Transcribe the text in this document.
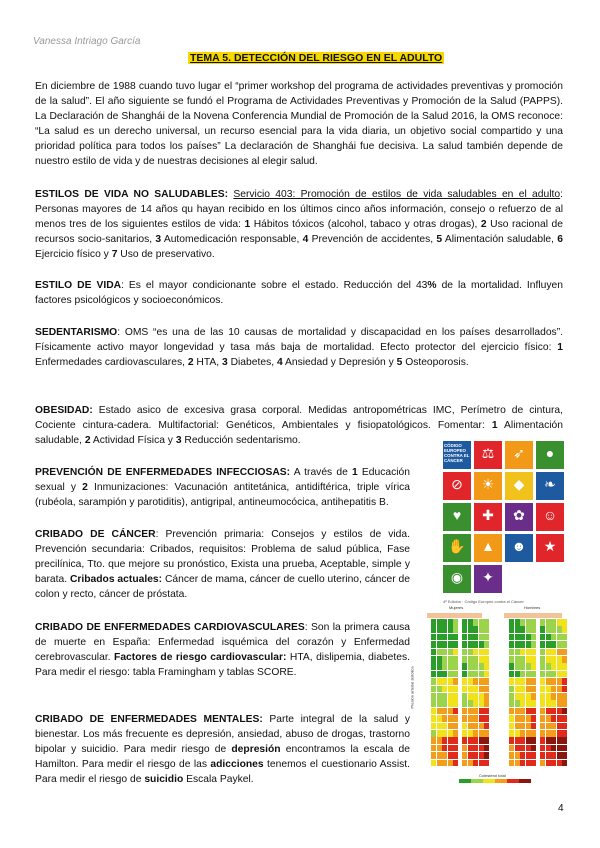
Vanessa Intriago García
TEMA 5. DETECCIÓN DEL RIESGO EN EL ADULTO
En diciembre de 1988 cuando tuvo lugar el “primer workshop del programa de actividades preventivas y promoción de la salud”. El año siguiente se fundó el Programa de Actividades Preventivas y Promoción de la Salud (PAPPS). La Declaración de Shanghái de la Novena Conferencia Mundial de Promoción de la Salud 2016, la OMS reconoce: “La salud es un derecho universal, un recurso esencial para la vida diaria, un objetivo social compartido y una prioridad política para todos los países” La declaración de Shanghái fue decisiva. La salud también depende de nuestro estilo de vida y de nuestras decisiones al elegir salud.
ESTILOS DE VIDA NO SALUDABLES: Servicio 403: Promoción de estilos de vida saludables en el adulto: Personas mayores de 14 años qu hayan recibido en los últimos cinco años información, consejo o refuerzo de al menos tres de los siguientes estilos de vida: 1 Hábitos tóxicos (alcohol, tabaco y otras drogas), 2 Uso racional de recursos socio-sanitarios, 3 Automedicación responsable, 4 Prevención de accidentes, 5 Alimentación saludable, 6 Ejercicio físico y 7 Uso de preservativo.
ESTILO DE VIDA: Es el mayor condicionante sobre el estado. Reducción del 43% de la mortalidad. Influyen factores psicológicos y socioeconómicos.
SEDENTARISMO: OMS “es una de las 10 causas de mortalidad y discapacidad en los países desarrollados”. Físicamente activo mayor longevidad y tasa más baja de mortalidad. Efecto protector del ejercicio físico: 1 Enfermedades cardiovasculares, 2 HTA, 3 Diabetes, 4 Ansiedad y Depresión y 5 Osteoporosis.
OBESIDAD: Estado asico de excesiva grasa corporal. Medidas antropométricas IMC, Perímetro de cintura, Cociente cintura-cadera. Multifactorial: Genéticos, Ambientales y fisiopatológicos. Fomentar: 1 Alimentación saludable, 2 Actividad Física y 3 Reducción sedentarismo.
PREVENCIÓN DE ENFERMEDADES INFECCIOSAS: A través de 1 Educación sexual y 2 Inmunizaciones: Vacunación antitetánica, antidiftérica, triple vírica (rubéola, sarampión y parotiditis), antigripal, antineumocócica, antihepatitis B.
CRIBADO DE CÁNCER: Prevención primaria: Consejos y estilos de vida. Prevención secundaria: Cribados, requisitos: Problema de salud pública, Fase precilínica, Tto. que mejore su pronóstico, Exista una prueba, Aceptable, simple y barata. Cribados actuales: Cáncer de mama, cáncer de cuello uterino, cáncer de colon y recto, cáncer de próstata.
CRIBADO DE ENFERMEDADES CARDIOVASCULARES: Son la primera causa de muerte en España: Enfermedad isquémica del corazón y Enfermedad cerebrovascular. Factores de riesgo cardiovascular: HTA, dislipemia, diabetes. Para medir el riesgo: tabla Framingham y tablas SCORE.
CRIBADO DE ENFERMEDADES MENTALES: Parte integral de la salud y bienestar. Los más frecuente es depresión, ansiedad, abuso de drogas, trastorno bipolar y suicidio. Para medir riesgo de depresión encontramos la escala de Hamilton. Para medir el riesgo de las adicciones tenemos el cuestionario Assist. Para medir el riesgo de suicidio Escala Paykel.
CÓDIGO EUROPEO CONTRA EL CÁNCER	⚖	➶	●
⊘	☀	◆	❧
♥	✚	✿	☺
✋	▲	☻	★
◉	✦
4ª Edición · Código Europeo contra el Cáncer
Mujeres	Hombres
Presión arterial sistólica
Colesterol total
4
